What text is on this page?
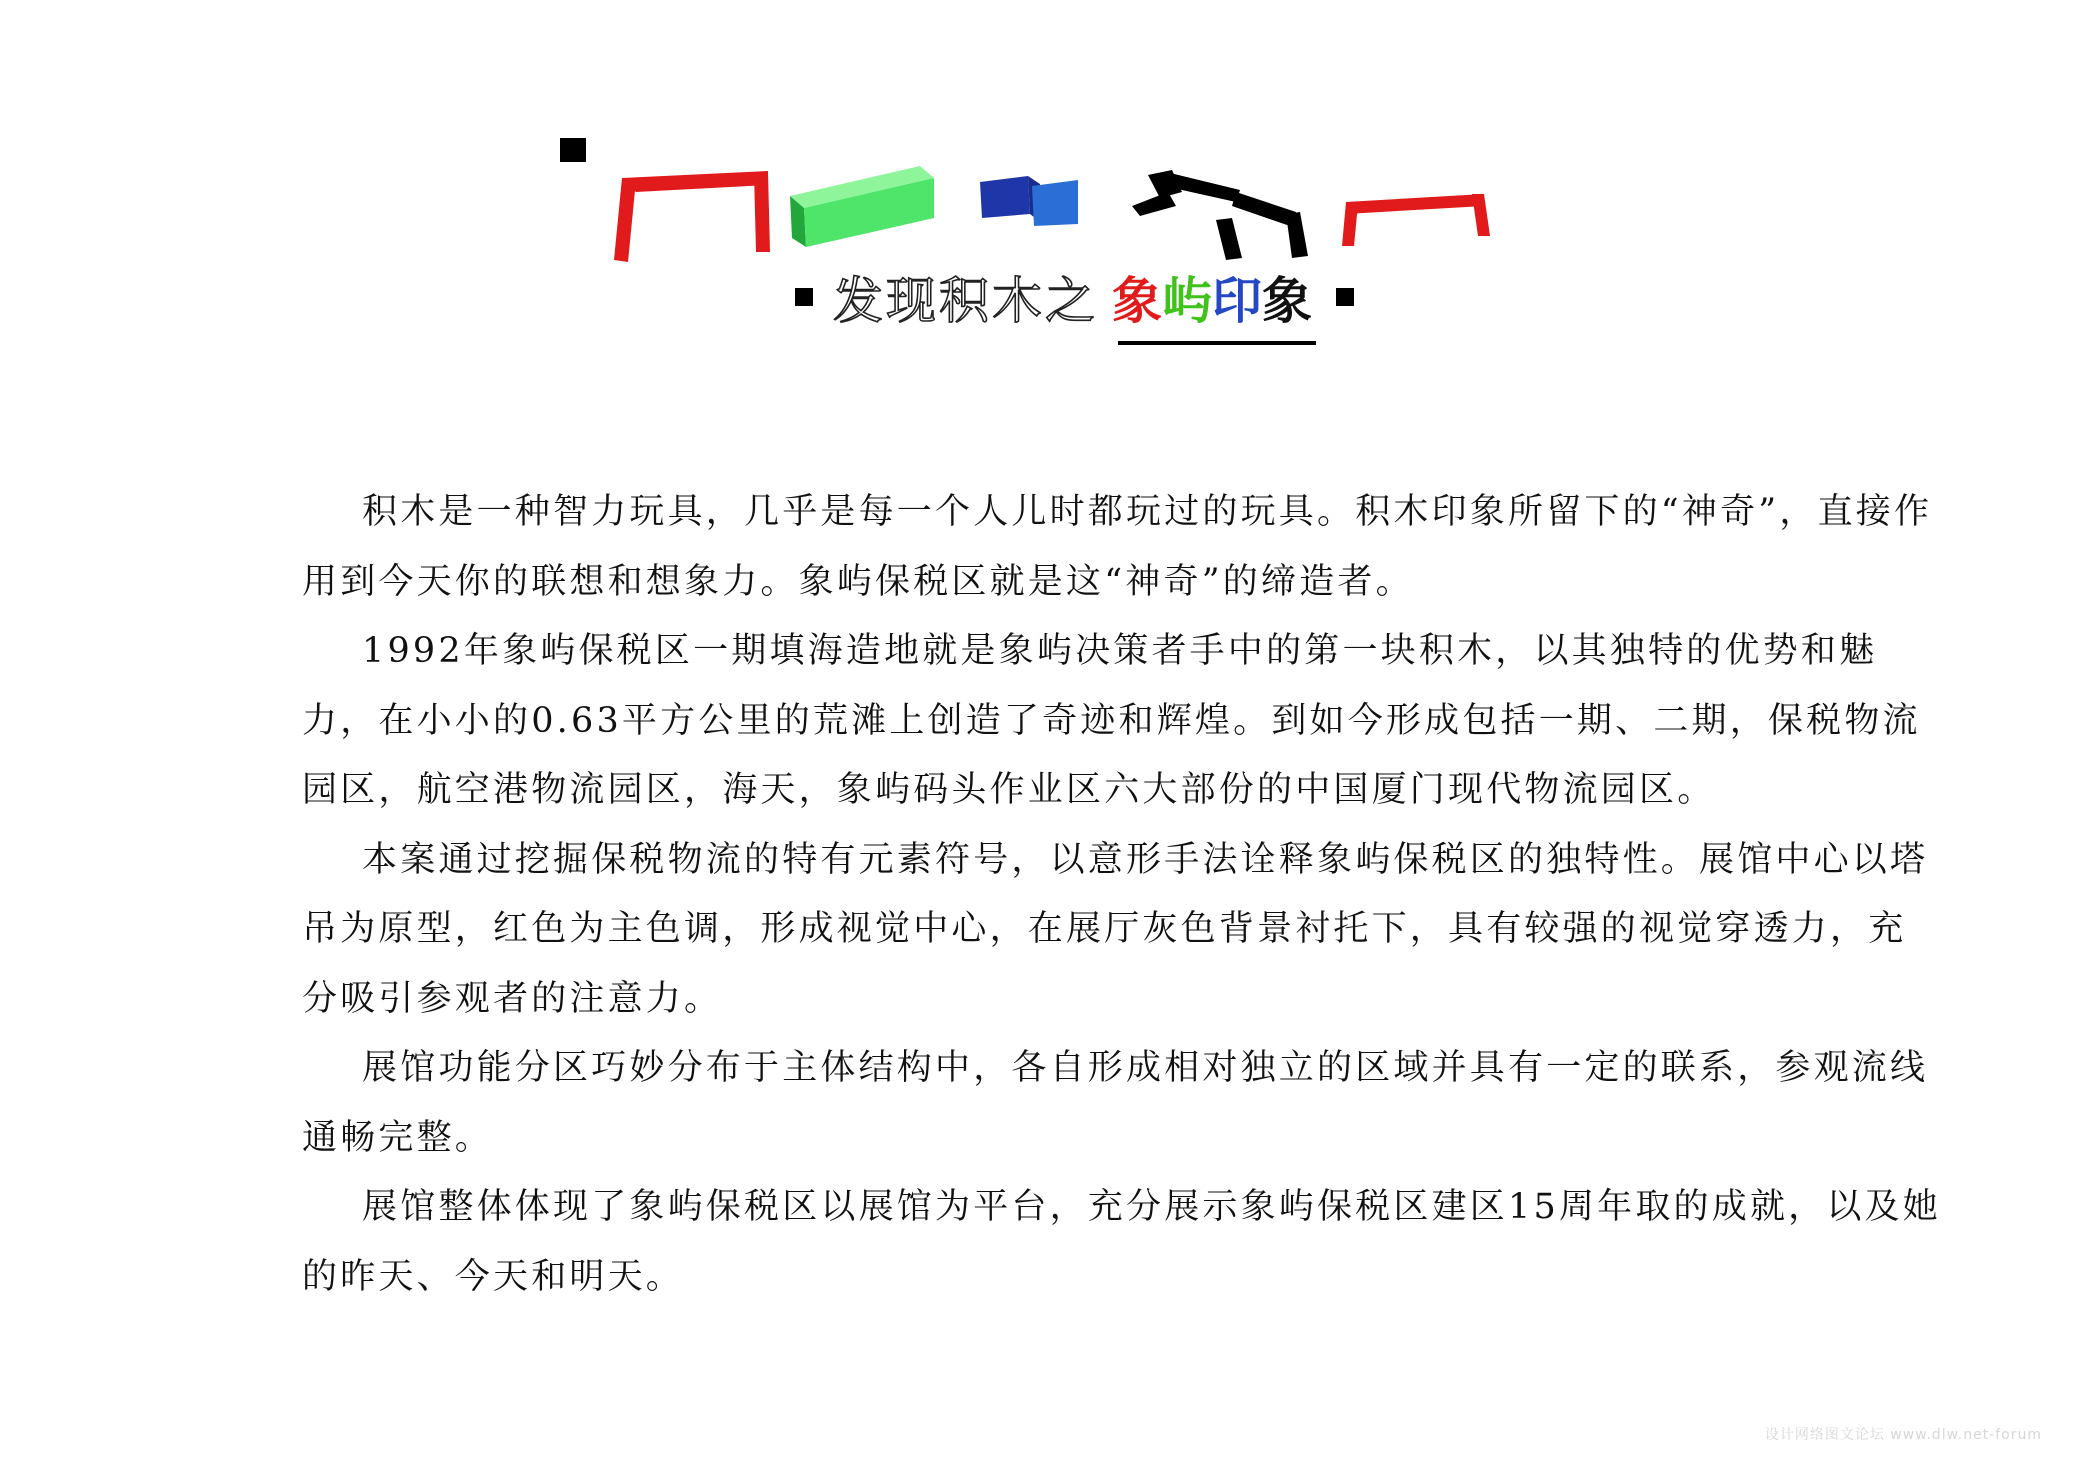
发现积木之 象 屿 印 象

积木是一种智力玩具，几乎是每一个人儿时都玩过的玩具。积木印象所留下的“神奇”，直接作用到今天你的联想和想象力。象屿保税区就是这“神奇”的缔造者。

1992年象屿保税区一期填海造地就是象屿决策者手中的第一块积木，以其独特的优势和魅力，在小小的0.63平方公里的荒滩上创造了奇迹和辉煌。到如今形成包括一期、二期，保税物流园区，航空港物流园区，海天，象屿码头作业区六大部份的中国厦门现代物流园区。

本案通过挖掘保税物流的特有元素符号，以意形手法诠释象屿保税区的独特性。展馆中心以塔吊为原型，红色为主色调，形成视觉中心，在展厅灰色背景衬托下，具有较强的视觉穿透力，充分吸引参观者的注意力。

展馆功能分区巧妙分布于主体结构中，各自形成相对独立的区域并具有一定的联系，参观流线通畅完整。

展馆整体体现了象屿保税区以展馆为平台，充分展示象屿保税区建区15周年取的成就，以及她的昨天、今天和明天。

设计网络图文论坛 www.dlw.net-forum
